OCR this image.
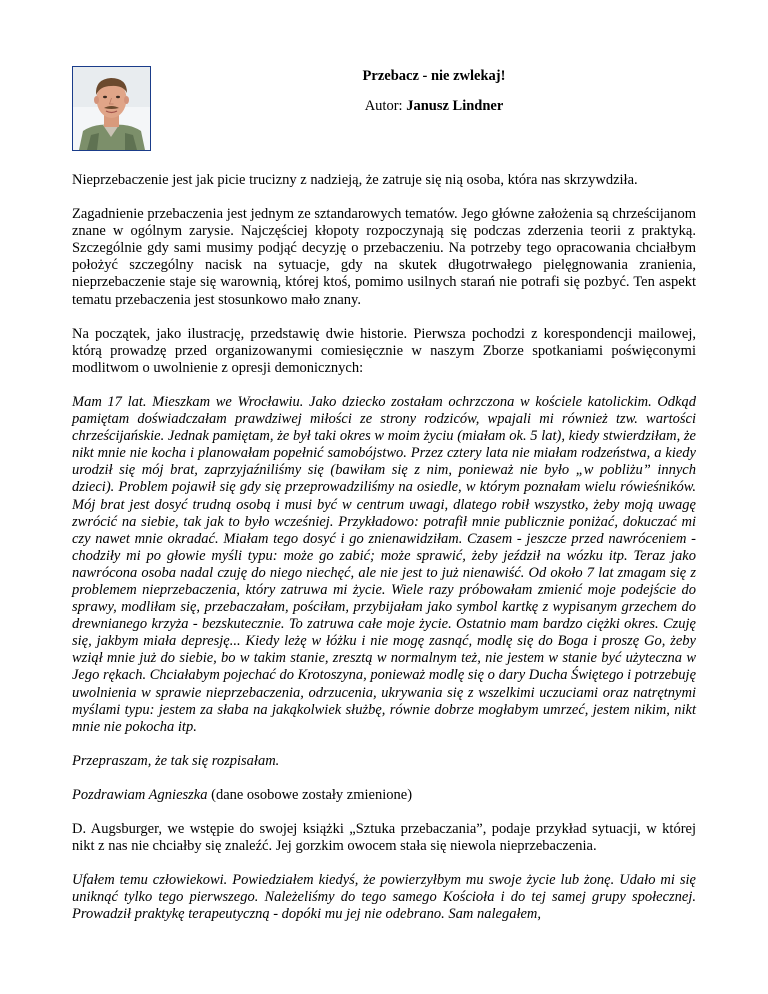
Przebacz - nie zwlekaj!
Autor: Janusz Lindner

Nieprzebaczenie jest jak picie trucizny z nadzieją, że zatruje się nią osoba, która nas skrzywdziła.

Zagadnienie przebaczenia jest jednym ze sztandarowych tematów. Jego główne założenia są chrześcijanom znane w ogólnym zarysie. Najczęściej kłopoty rozpoczynają się podczas zderzenia teorii z praktyką. Szczególnie gdy sami musimy podjąć decyzję o przebaczeniu. Na potrzeby tego opracowania chciałbym położyć szczególny nacisk na sytuacje, gdy na skutek długotrwałego pielęgnowania zranienia, nieprzebaczenie staje się warownią, której ktoś, pomimo usilnych starań nie potrafi się pozbyć. Ten aspekt tematu przebaczenia jest stosunkowo mało znany.

Na początek, jako ilustrację, przedstawię dwie historie. Pierwsza pochodzi z korespondencji mailowej, którą prowadzę przed organizowanymi comiesięcznie w naszym Zborze spotkaniami poświęconymi modlitwom o uwolnienie z opresji demonicznych:

Mam 17 lat. Mieszkam we Wrocławiu. Jako dziecko zostałam ochrzczona w kościele katolickim. Odkąd pamiętam doświadczałam prawdziwej miłości ze strony rodziców, wpajali mi również tzw. wartości chrześcijańskie. Jednak pamiętam, że był taki okres w moim życiu (miałam ok. 5 lat), kiedy stwierdziłam, że nikt mnie nie kocha i planowałam popełnić samobójstwo. Przez cztery lata nie miałam rodzeństwa, a kiedy urodził się mój brat, zaprzyjaźniliśmy się (bawiłam się z nim, ponieważ nie było „w pobliżu” innych dzieci). Problem pojawił się gdy się przeprowadziliśmy na osiedle, w którym poznałam wielu rówieśników. Mój brat jest dosyć trudną osobą i musi być w centrum uwagi, dlatego robił wszystko, żeby moją uwagę zwrócić na siebie, tak jak to było wcześniej. Przykładowo: potrafił mnie publicznie poniżać, dokuczać mi czy nawet mnie okradać. Miałam tego dosyć i go znienawidziłam. Czasem - jeszcze przed nawróceniem - chodziły mi po głowie myśli typu: może go zabić; może sprawić, żeby jeździł na wózku itp. Teraz jako nawrócona osoba nadal czuję do niego niechęć, ale nie jest to już nienawiść. Od około 7 lat zmagam się z problemem nieprzebaczenia, który zatruwa mi życie. Wiele razy próbowałam zmienić moje podejście do sprawy, modliłam się, przebaczałam, pościłam, przybijałam jako symbol kartkę z wypisanym grzechem do drewnianego krzyża - bezskutecznie. To zatruwa całe moje życie. Ostatnio mam bardzo ciężki okres. Czuję się, jakbym miała depresję... Kiedy leżę w łóżku i nie mogę zasnąć, modlę się do Boga i proszę Go, żeby wziął mnie już do siebie, bo w takim stanie, zresztą w normalnym też, nie jestem w stanie być użyteczna w Jego rękach. Chciałabym pojechać do Krotoszyna, ponieważ modlę się o dary Ducha Świętego i potrzebuję uwolnienia w sprawie nieprzebaczenia, odrzucenia, ukrywania się z wszelkimi uczuciami oraz natrętnymi myślami typu: jestem za słaba na jakąkolwiek służbę, równie dobrze mogłabym umrzeć, jestem nikim, nikt mnie nie pokocha itp.

Przepraszam, że tak się rozpisałam.

Pozdrawiam Agnieszka (dane osobowe zostały zmienione)

D. Augsburger, we wstępie do swojej książki „Sztuka przebaczania”, podaje przykład sytuacji, w której nikt z nas nie chciałby się znaleźć. Jej gorzkim owocem stała się niewola nieprzebaczenia.

Ufałem temu człowiekowi. Powiedziałem kiedyś, że powierzyłbym mu swoje życie lub żonę. Udało mi się uniknąć tylko tego pierwszego. Należeliśmy do tego samego Kościoła i do tej samej grupy społecznej. Prowadził praktykę terapeutyczną - dopóki mu jej nie odebrano. Sam nalegałem,
